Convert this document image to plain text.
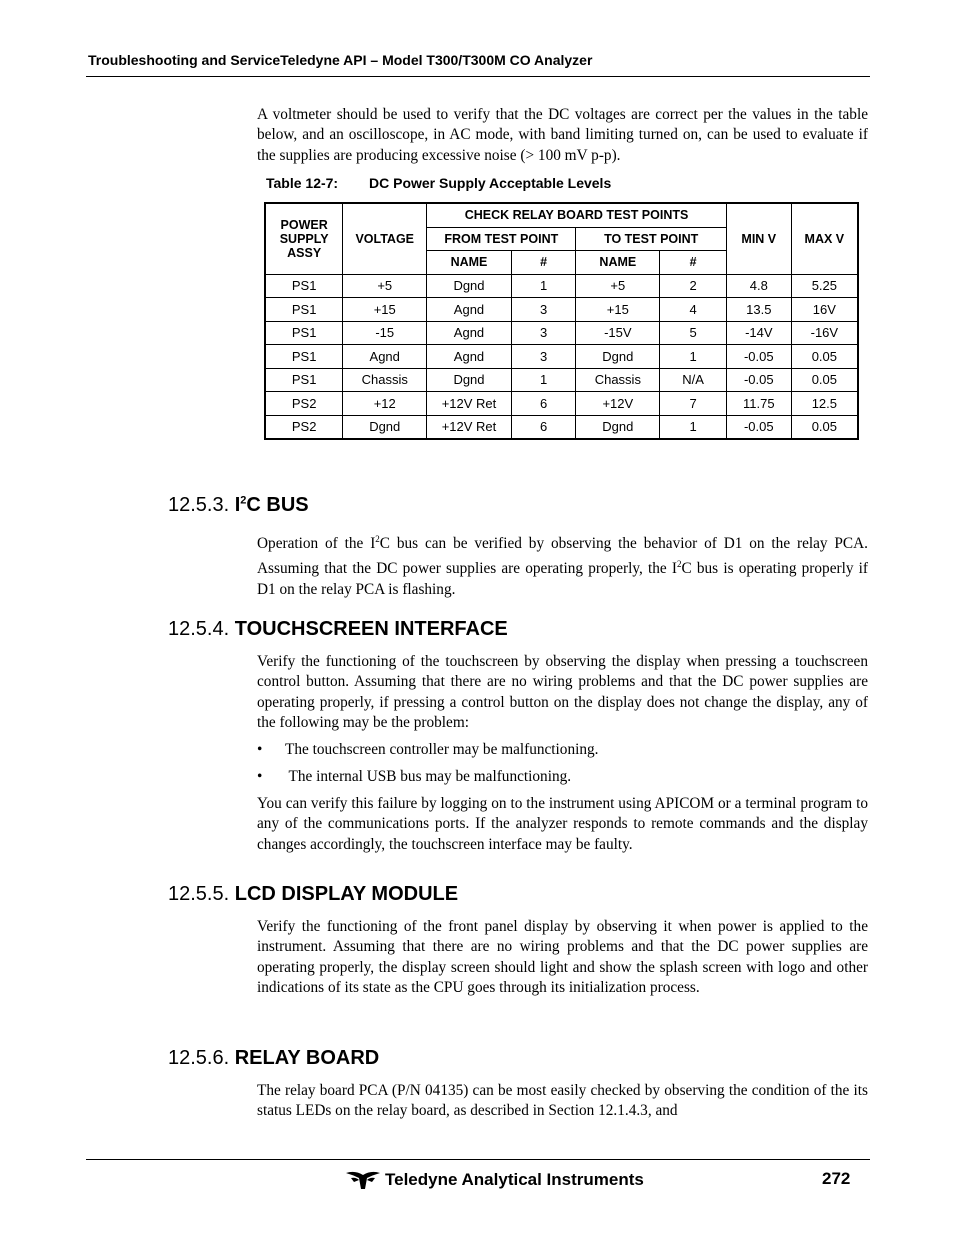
Troubleshooting and ServiceTeledyne API – Model T300/T300M CO Analyzer

A voltmeter should be used to verify that the DC voltages are correct per the values in the table below, and an oscilloscope, in AC mode, with band limiting turned on, can be used to evaluate if the supplies are producing excessive noise (> 100 mV p-p).

Table 12-7: DC Power Supply Acceptable Levels
POWER SUPPLY ASSY	VOLTAGE	CHECK RELAY BOARD TEST POINTS				MIN V	MAX V
		FROM TEST POINT		TO TEST POINT			
		NAME	#	NAME	#		
PS1	+5	Dgnd	1	+5	2	4.8	5.25
PS1	+15	Agnd	3	+15	4	13.5	16V
PS1	-15	Agnd	3	-15V	5	-14V	-16V
PS1	Agnd	Agnd	3	Dgnd	1	-0.05	0.05
PS1	Chassis	Dgnd	1	Chassis	N/A	-0.05	0.05
PS2	+12	+12V Ret	6	+12V	7	11.75	12.5
PS2	Dgnd	+12V Ret	6	Dgnd	1	-0.05	0.05
12.5.3. $I^2C$ BUS

Operation of the $I^2C$ bus can be verified by observing the behavior of D1 on the relay PCA. Assuming that the DC power supplies are operating properly, the $I^2C$ bus is operating properly if D1 on the relay PCA is flashing.

12.5.4. TOUCHSCREEN INTERFACE

Verify the functioning of the touchscreen by observing the display when pressing a touchscreen control button. Assuming that there are no wiring problems and that the DC power supplies are operating properly, if pressing a control button on the display does not change the display, any of the following may be the problem:

• The touchscreen controller may be malfunctioning.
• The internal USB bus may be malfunctioning.

You can verify this failure by logging on to the instrument using APICOM or a terminal program to any of the communications ports. If the analyzer responds to remote commands and the display changes accordingly, the touchscreen interface may be faulty.

12.5.5. LCD DISPLAY MODULE

Verify the functioning of the front panel display by observing it when power is applied to the instrument. Assuming that there are no wiring problems and that the DC power supplies are operating properly, the display screen should light and show the splash screen with logo and other indications of its state as the CPU goes through its initialization process.

12.5.6. RELAY BOARD

The relay board PCA (P/N 04135) can be most easily checked by observing the condition of the its status LEDs on the relay board, as described in Section 12.1.4.3, and

Teledyne Analytical Instruments	272
